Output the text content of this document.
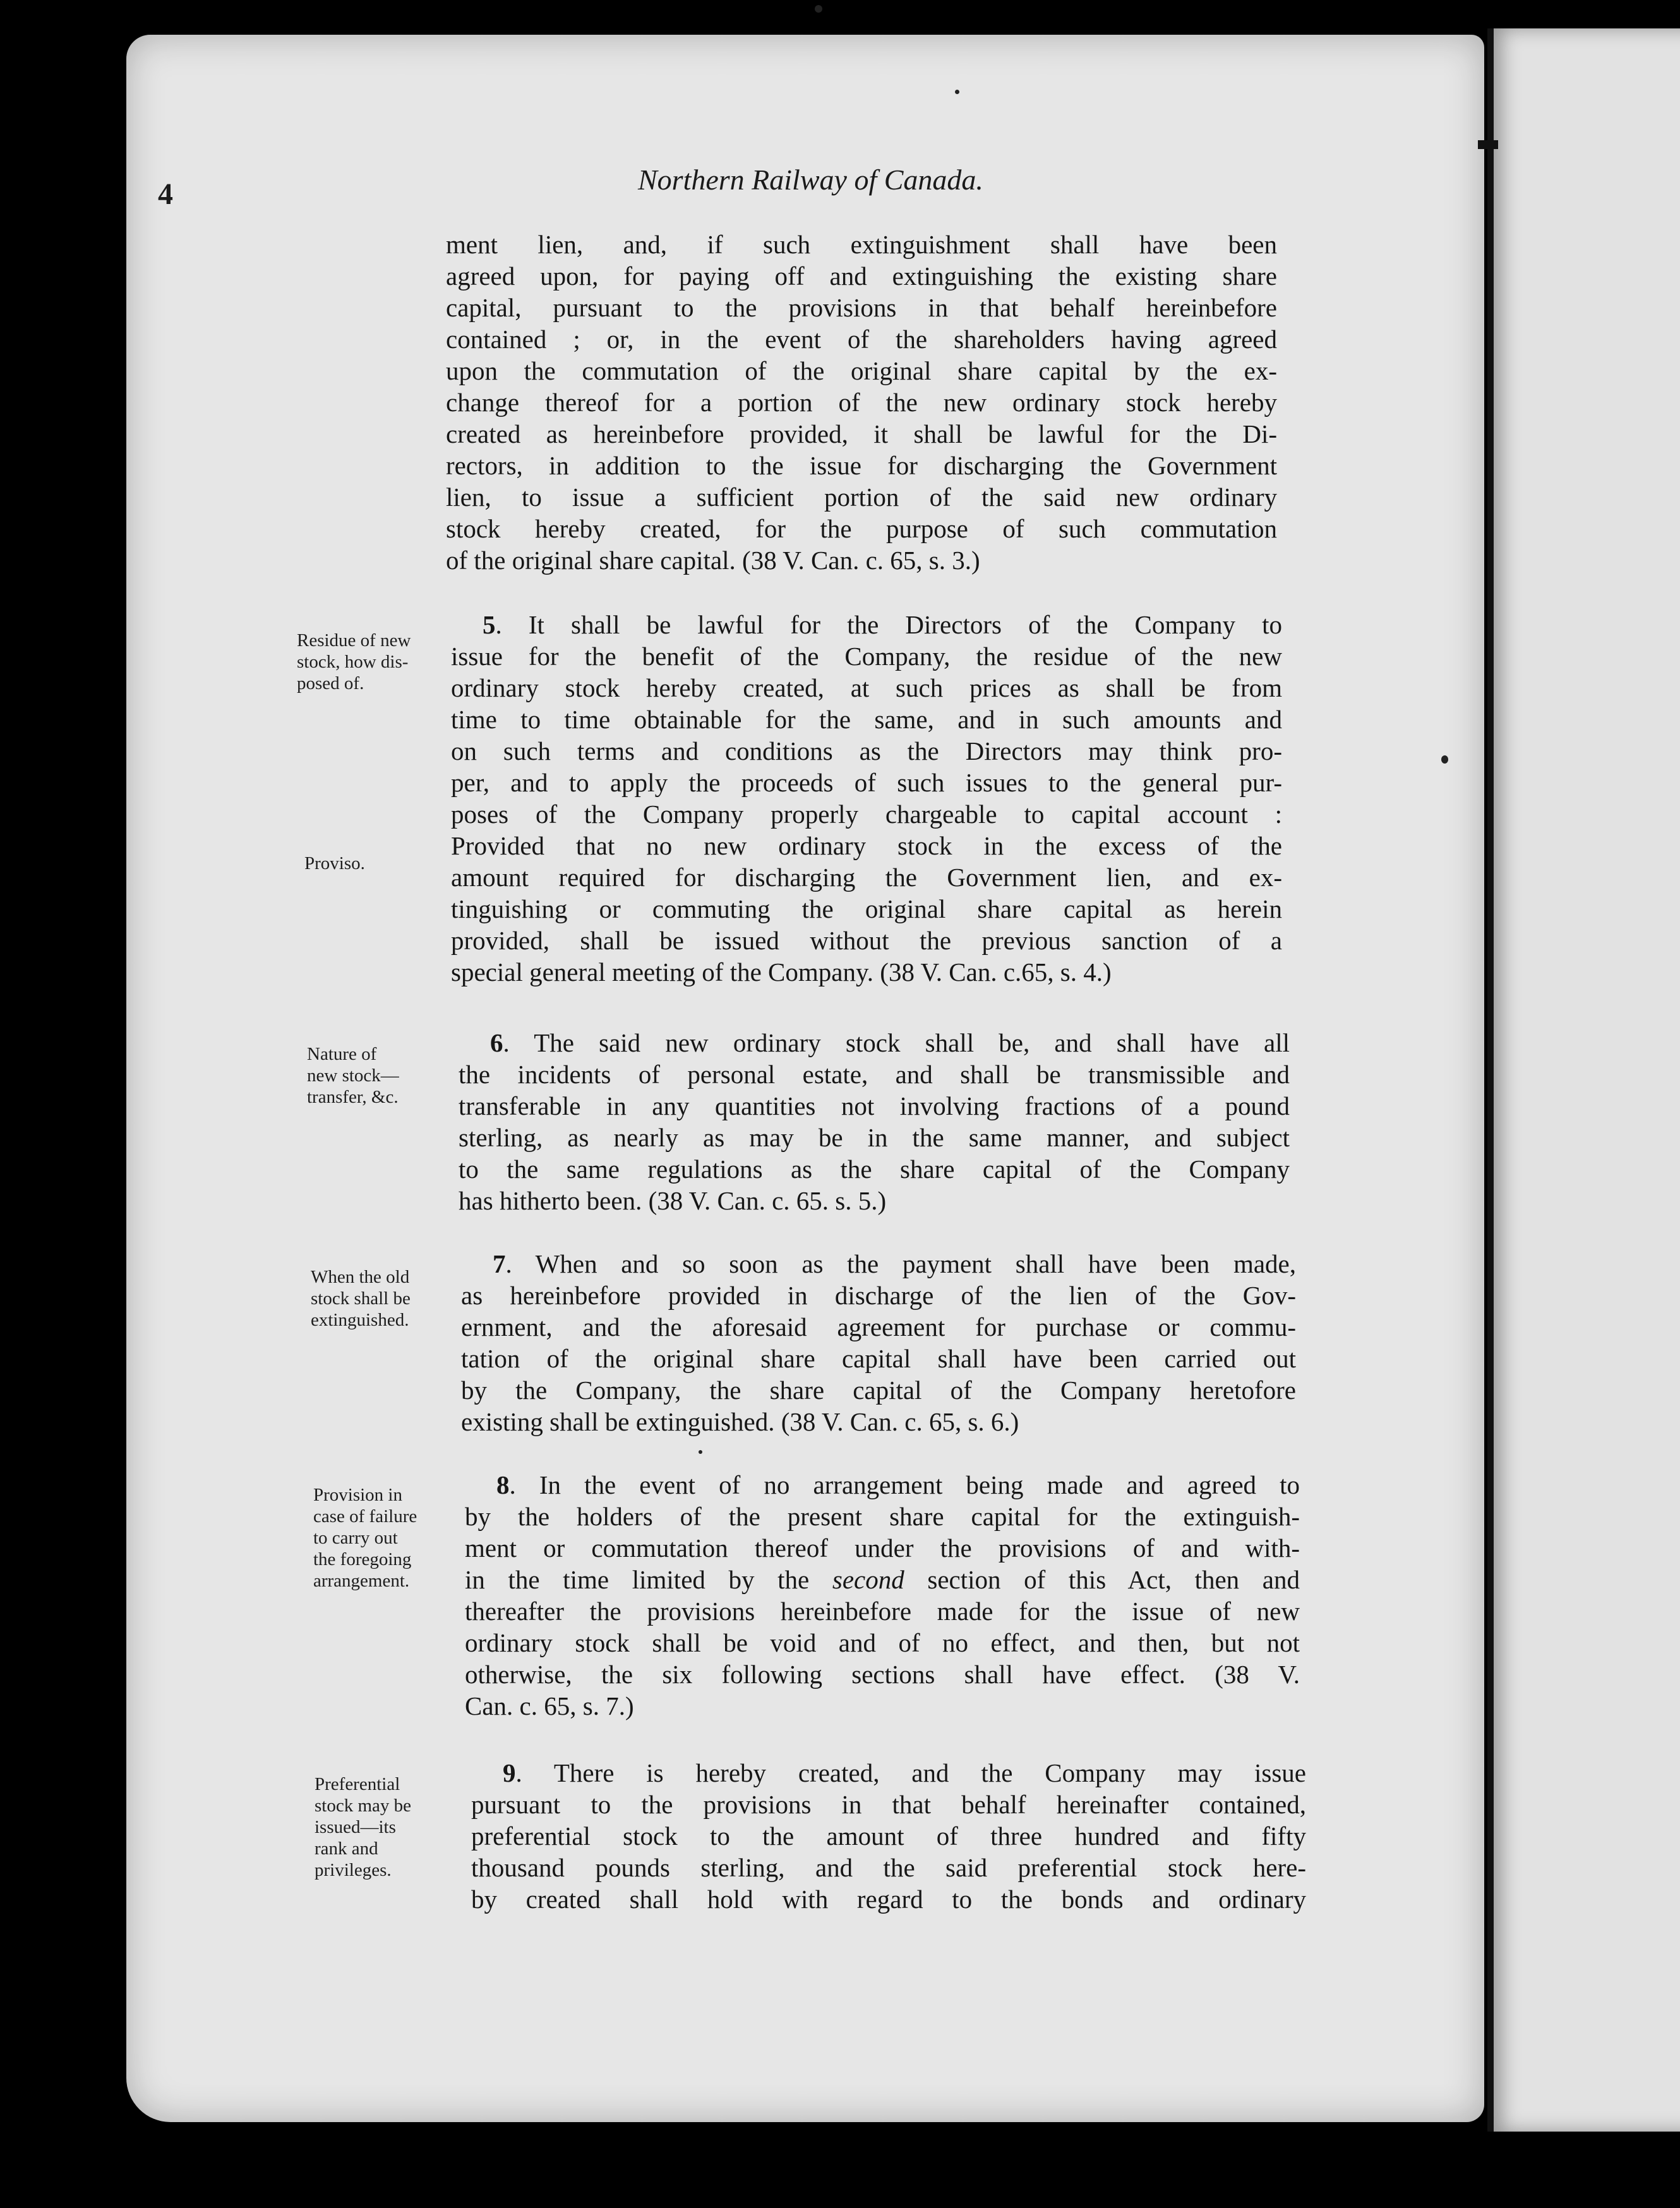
4	Northern Railway of Canada.
ment lien, and, if such extinguishment shall have been
agreed upon, for paying off and extinguishing the existing share
capital, pursuant to the provisions in that behalf hereinbefore
contained ; or, in the event of the shareholders having agreed
upon the commutation of the original share capital by the ex-
change thereof for a portion of the new ordinary stock hereby
created as hereinbefore provided, it shall be lawful for the Di-
rectors, in addition to the issue for discharging the Government
lien, to issue a sufficient portion of the said new ordinary
stock hereby created, for the purpose of such commutation
of the original share capital. (38 V. Can. c. 65, s. 3.)
Residue of new
stock, how dis-
posed of.
5. It shall be lawful for the Directors of the Company to
issue for the benefit of the Company, the residue of the new
ordinary stock hereby created, at such prices as shall be from
time to time obtainable for the same, and in such amounts and
on such terms and conditions as the Directors may think pro-
per, and to apply the proceeds of such issues to the general pur-
poses of the Company properly chargeable to capital account :
Provided that no new ordinary stock in the excess of the
amount required for discharging the Government lien, and ex-
tinguishing or commuting the original share capital as herein
provided, shall be issued without the previous sanction of a
special general meeting of the Company. (38 V. Can. c.65, s. 4.)
Proviso.
Nature of
new stock—
transfer, &c.
6. The said new ordinary stock shall be, and shall have all
the incidents of personal estate, and shall be transmissible and
transferable in any quantities not involving fractions of a pound
sterling, as nearly as may be in the same manner, and subject
to the same regulations as the share capital of the Company
has hitherto been. (38 V. Can. c. 65. s. 5.)
When the old
stock shall be
extinguished.
7. When and so soon as the payment shall have been made,
as hereinbefore provided in discharge of the lien of the Gov-
ernment, and the aforesaid agreement for purchase or commu-
tation of the original share capital shall have been carried out
by the Company, the share capital of the Company heretofore
existing shall be extinguished. (38 V. Can. c. 65, s. 6.)
Provision in
case of failure
to carry out
the foregoing
arrangement.
8. In the event of no arrangement being made and agreed to
by the holders of the present share capital for the extinguish-
ment or commutation thereof under the provisions of and with-
in the time limited by the second section of this Act, then and
thereafter the provisions hereinbefore made for the issue of new
ordinary stock shall be void and of no effect, and then, but not
otherwise, the six following sections shall have effect. (38 V.
Can. c. 65, s. 7.)
Preferential
stock may be
issued—its
rank and
privileges.
9. There is hereby created, and the Company may issue
pursuant to the provisions in that behalf hereinafter contained,
preferential stock to the amount of three hundred and fifty
thousand pounds sterling, and the said preferential stock here-
by created shall hold with regard to the bonds and ordinary
